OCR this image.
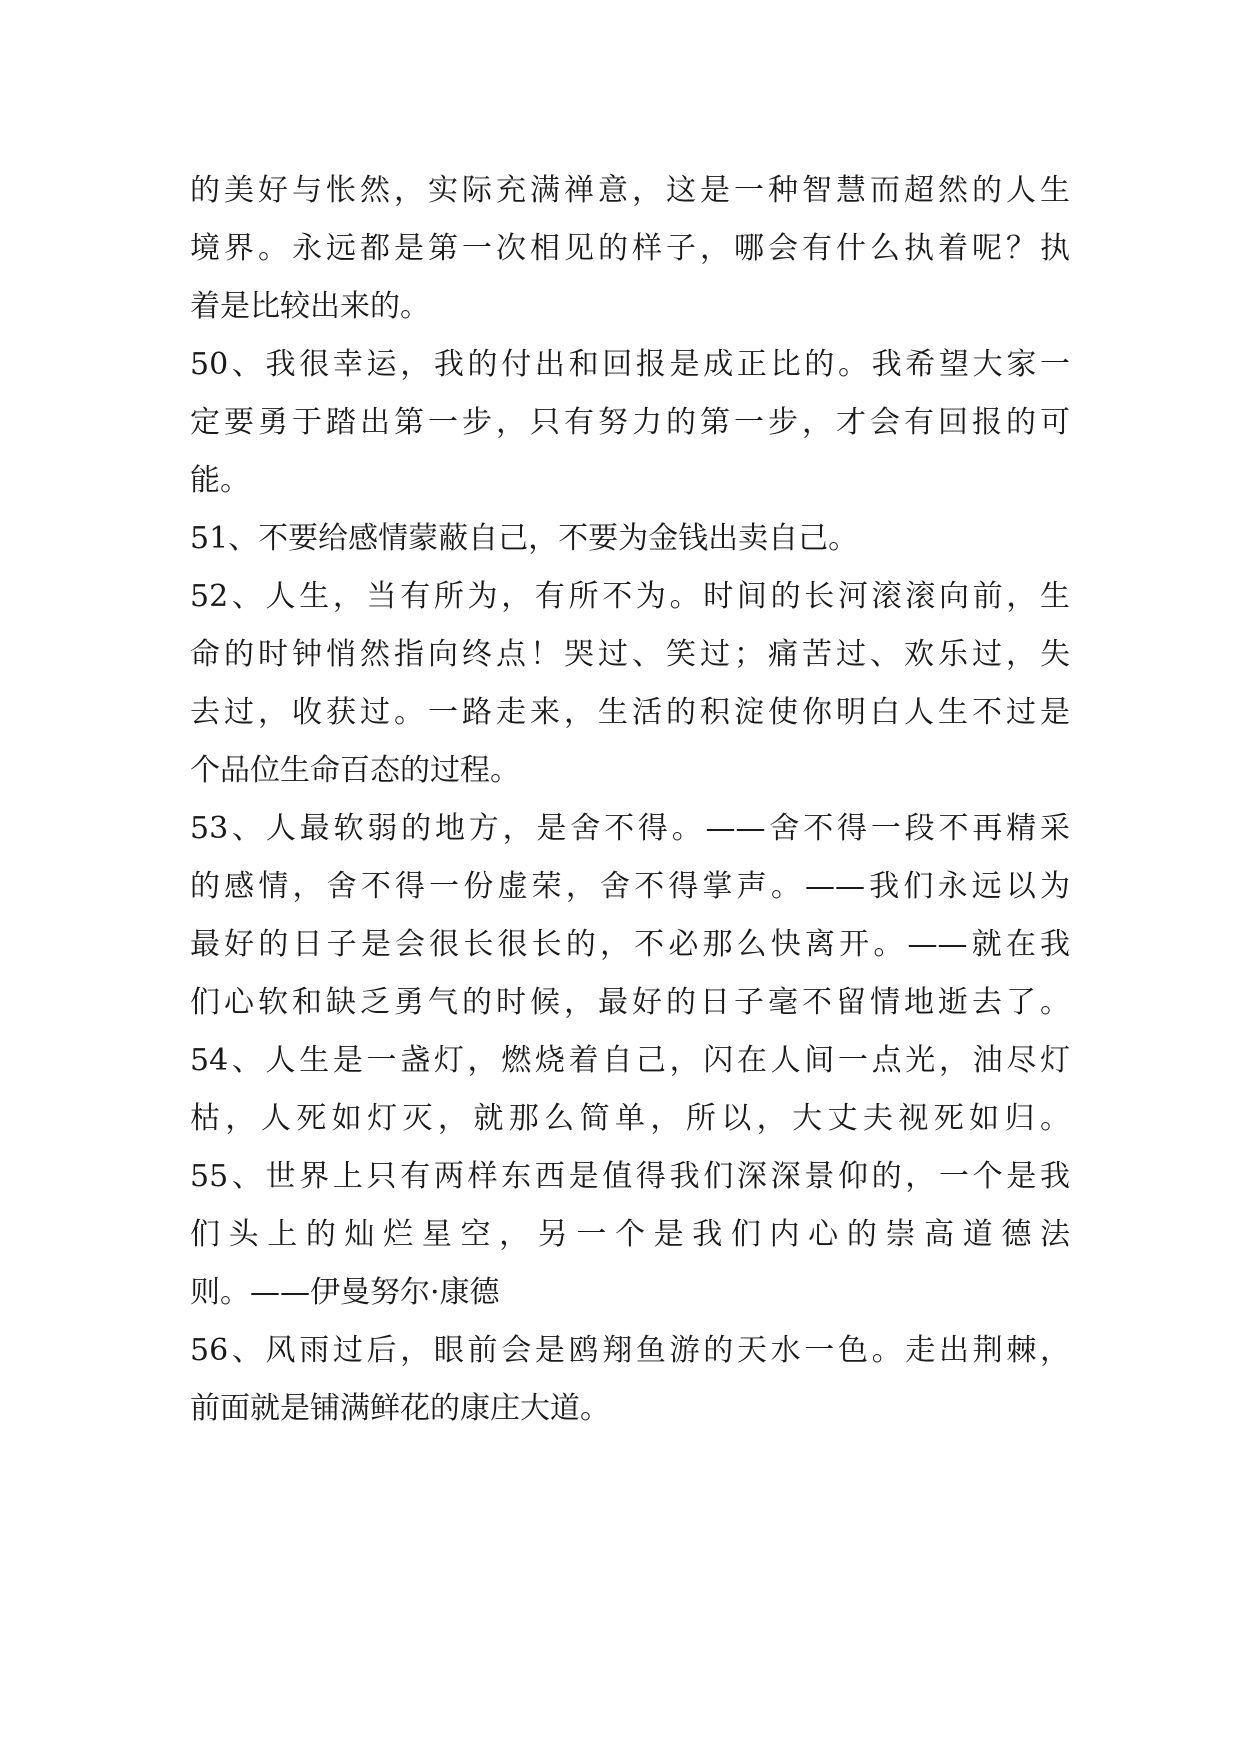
的美好与怅然，实际充满禅意，这是一种智慧而超然的人生
境界。永远都是第一次相见的样子，哪会有什么执着呢？执
着是比较出来的。
50、我很幸运，我的付出和回报是成正比的。我希望大家一
定要勇于踏出第一步，只有努力的第一步，才会有回报的可
能。
51、不要给感情蒙蔽自己，不要为金钱出卖自己。
52、人生，当有所为，有所不为。时间的长河滚滚向前，生
命的时钟悄然指向终点！哭过、笑过；痛苦过、欢乐过，失
去过，收获过。一路走来，生活的积淀使你明白人生不过是
个品位生命百态的过程。
53、人最软弱的地方，是舍不得。——舍不得一段不再精采
的感情，舍不得一份虚荣，舍不得掌声。——我们永远以为
最好的日子是会很长很长的，不必那么快离开。——就在我
们心软和缺乏勇气的时候，最好的日子毫不留情地逝去了。
54、人生是一盏灯，燃烧着自己，闪在人间一点光，油尽灯
枯，人死如灯灭，就那么简单，所以，大丈夫视死如归。
55、世界上只有两样东西是值得我们深深景仰的，一个是我
们头上的灿烂星空，另一个是我们内心的崇高道德法
则。——伊曼努尔·康德
56、风雨过后，眼前会是鸥翔鱼游的天水一色。走出荆棘，
前面就是铺满鲜花的康庄大道。
